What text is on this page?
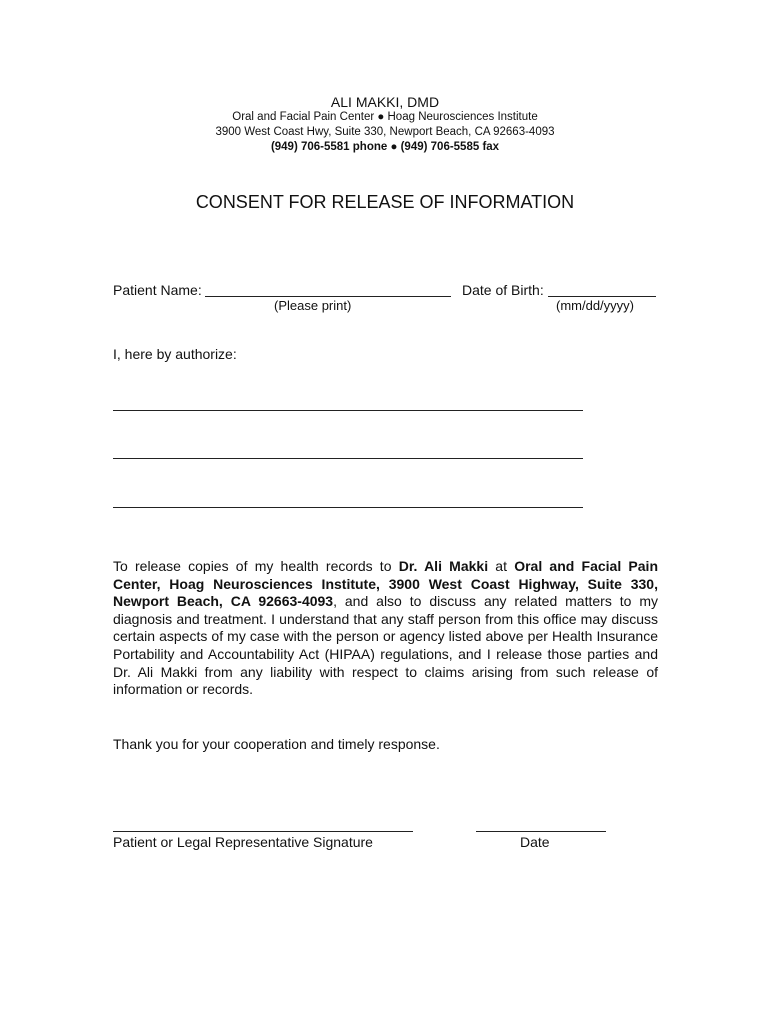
ALI MAKKI, DMD
Oral and Facial Pain Center ● Hoag Neurosciences Institute
3900 West Coast Hwy, Suite 330, Newport Beach, CA 92663-4093
(949) 706-5581 phone ● (949) 706-5585 fax
CONSENT FOR RELEASE OF INFORMATION
Patient Name:	Date of Birth:
(Please print)	(mm/dd/yyyy)
I, here by authorize:
To release copies of my health records to Dr. Ali Makki at Oral and Facial Pain Center, Hoag Neurosciences Institute, 3900 West Coast Highway, Suite 330, Newport Beach, CA 92663-4093, and also to discuss any related matters to my diagnosis and treatment. I understand that any staff person from this office may discuss certain aspects of my case with the person or agency listed above per Health Insurance Portability and Accountability Act (HIPAA) regulations, and I release those parties and Dr. Ali Makki from any liability with respect to claims arising from such release of information or records.
Thank you for your cooperation and timely response.
Patient or Legal Representative Signature	Date
